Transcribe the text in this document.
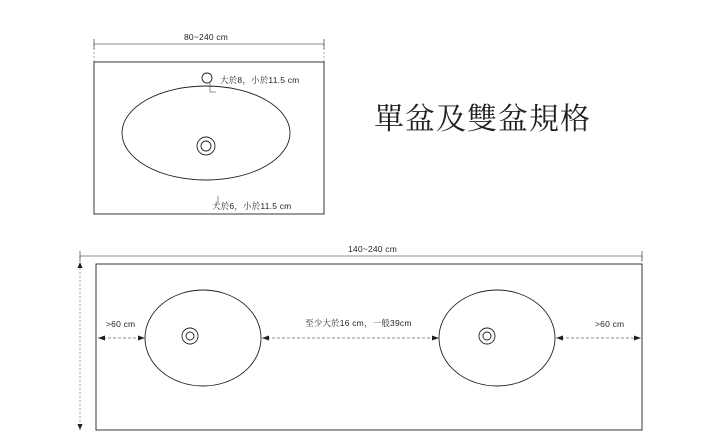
80~240 cm
大於8，小於11.5 cm
大於6，小於11.5 cm
單盆及雙盆規格
140~240 cm
>60 cm	至少大於16 cm，一般39cm	>60 cm
